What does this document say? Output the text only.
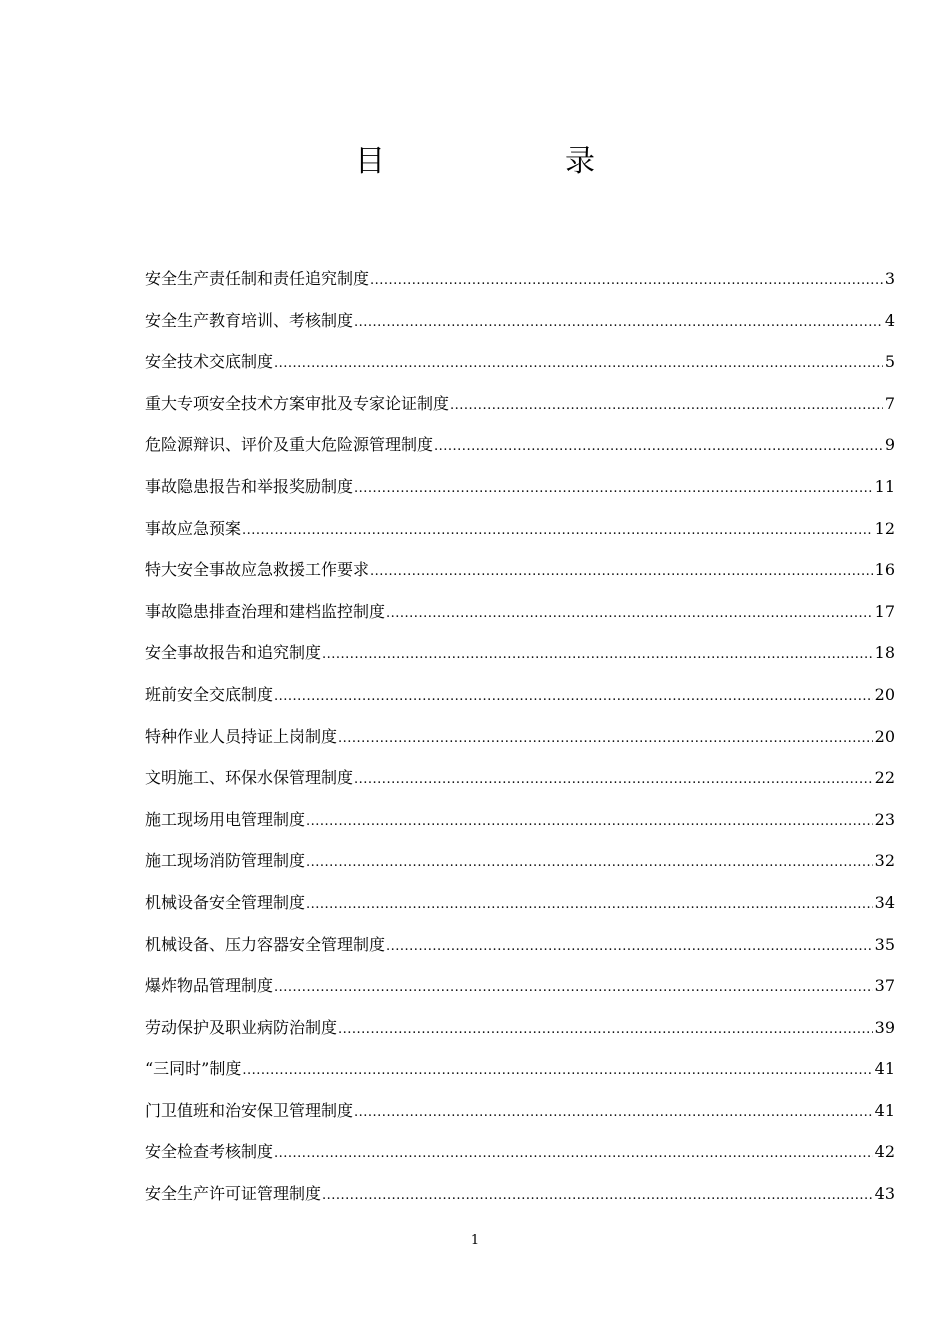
目      录
安全生产责任制和责任追究制度 .....	3
安全生产教育培训、考核制度 .....	4
安全技术交底制度 .....	5
重大专项安全技术方案审批及专家论证制度 .....	7
危险源辩识、评价及重大危险源管理制度 .....	9
事故隐患报告和举报奖励制度 .....	11
事故应急预案 .....	12
特大安全事故应急救援工作要求 .....	16
事故隐患排查治理和建档监控制度 .....	17
安全事故报告和追究制度 .....	18
班前安全交底制度 .....	20
特种作业人员持证上岗制度 .....	20
文明施工、环保水保管理制度 .....	22
施工现场用电管理制度 .....	23
施工现场消防管理制度 .....	32
机械设备安全管理制度 .....	34
机械设备、压力容器安全管理制度 .....	35
爆炸物品管理制度 .....	37
劳动保护及职业病防治制度 .....	39
“三同时”制度 .....	41
门卫值班和治安保卫管理制度 .....	41
安全检查考核制度 .....	42
安全生产许可证管理制度 .....	43
1
